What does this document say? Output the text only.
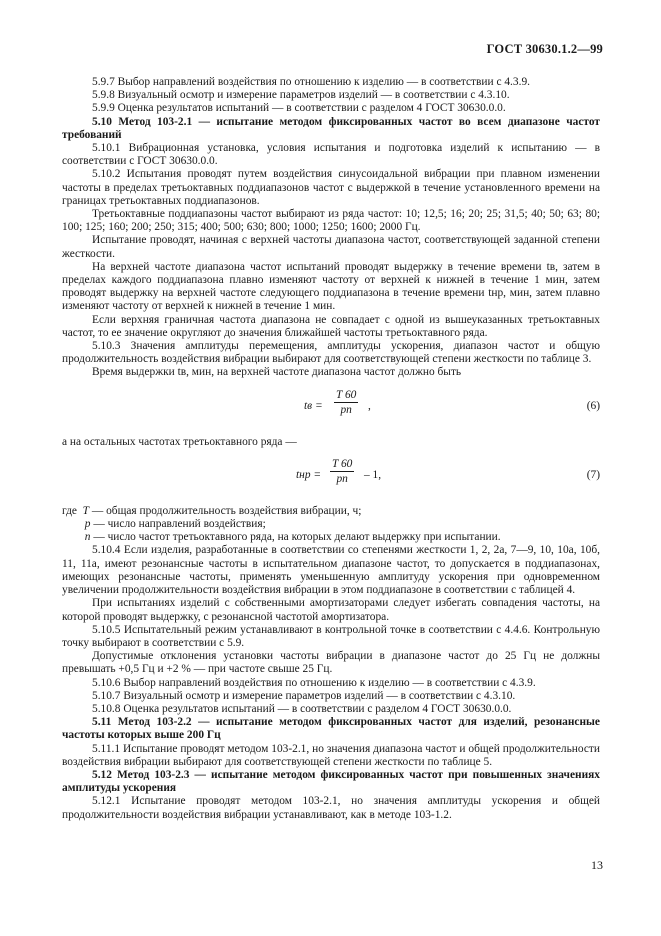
ГОСТ 30630.1.2—99

5.9.7 Выбор направлений воздействия по отношению к изделию — в соответствии с 4.3.9.

5.9.8 Визуальный осмотр и измерение параметров изделий — в соответствии с 4.3.10.

5.9.9 Оценка результатов испытаний — в соответствии с разделом 4 ГОСТ 30630.0.0.

5.10 Метод 103-2.1 — испытание методом фиксированных частот во всем диапазоне частот требований

5.10.1 Вибрационная установка, условия испытания и подготовка изделий к испытанию — в соответствии с ГОСТ 30630.0.0.

5.10.2 Испытания проводят путем воздействия синусоидальной вибрации при плавном изменении частоты в пределах третьоктавных поддиапазонов частот с выдержкой в течение установленного времени на границах третьоктавных поддиапазонов.

Третьоктавные поддиапазоны частот выбирают из ряда частот: 10; 12,5; 16; 20; 25; 31,5; 40; 50; 63; 80; 100; 125; 160; 200; 250; 315; 400; 500; 630; 800; 1000; 1250; 1600; 2000 Гц.

Испытание проводят, начиная с верхней частоты диапазона частот, соответствующей заданной степени жесткости.

На верхней частоте диапазона частот испытаний проводят выдержку в течение времени tв, затем в пределах каждого поддиапазона плавно изменяют частоту от верхней к нижней в течение 1 мин, затем проводят выдержку на верхней частоте следующего поддиапазона в течение времени tнр, мин, затем плавно изменяют частоту от верхней к нижней в течение 1 мин.

Если верхняя граничная частота диапазона не совпадает с одной из вышеуказанных третьоктавных частот, то ее значение округляют до значения ближайшей частоты третьоктавного ряда.

5.10.3 Значения амплитуды перемещения, амплитуды ускорения, диапазон частот и общую продолжительность воздействия вибрации выбирают для соответствующей степени жесткости по таблице 3.

Время выдержки tв, мин, на верхней частоте диапазона частот должно быть

tв = $\frac{T 60}{pn}$ ,	(6)

а на остальных частотах третьоктавного ряда —

tнр = $\frac{T 60}{pn} - 1$,	(7)
где  T — общая продолжительность воздействия вибрации, ч;
p — число направлений воздействия;
n — число частот третьоктавного ряда, на которых делают выдержку при испытании.

5.10.4 Если изделия, разработанные в соответствии со степенями жесткости 1, 2, 2а, 7—9, 10, 10а, 10б, 11, 11а, имеют резонансные частоты в испытательном диапазоне частот, то допускается в поддиапазонах, имеющих резонансные частоты, применять уменьшенную амплитуду ускорения при одновременном увеличении продолжительности воздействия вибрации в этом поддиапазоне в соответствии с таблицей 4.

При испытаниях изделий с собственными амортизаторами следует избегать совпадения частоты, на которой проводят выдержку, с резонансной частотой амортизатора.

5.10.5 Испытательный режим устанавливают в контрольной точке в соответствии с 4.4.6. Контрольную точку выбирают в соответствии с 5.9.

Допустимые отклонения установки частоты вибрации в диапазоне частот до 25 Гц не должны превышать +0,5 Гц и +2 % — при частоте свыше 25 Гц.

5.10.6 Выбор направлений воздействия по отношению к изделию — в соответствии с 4.3.9.

5.10.7 Визуальный осмотр и измерение параметров изделий — в соответствии с 4.3.10.

5.10.8 Оценка результатов испытаний — в соответствии с разделом 4 ГОСТ 30630.0.0.

5.11 Метод 103-2.2 — испытание методом фиксированных частот для изделий, резонансные частоты которых выше 200 Гц

5.11.1 Испытание проводят методом 103-2.1, но значения диапазона частот и общей продолжительности воздействия вибрации выбирают для соответствующей степени жесткости по таблице 5.

5.12 Метод 103-2.3 — испытание методом фиксированных частот при повышенных значениях амплитуды ускорения

5.12.1 Испытание проводят методом 103-2.1, но значения амплитуды ускорения и общей продолжительности воздействия вибрации устанавливают, как в методе 103-1.2.

13
